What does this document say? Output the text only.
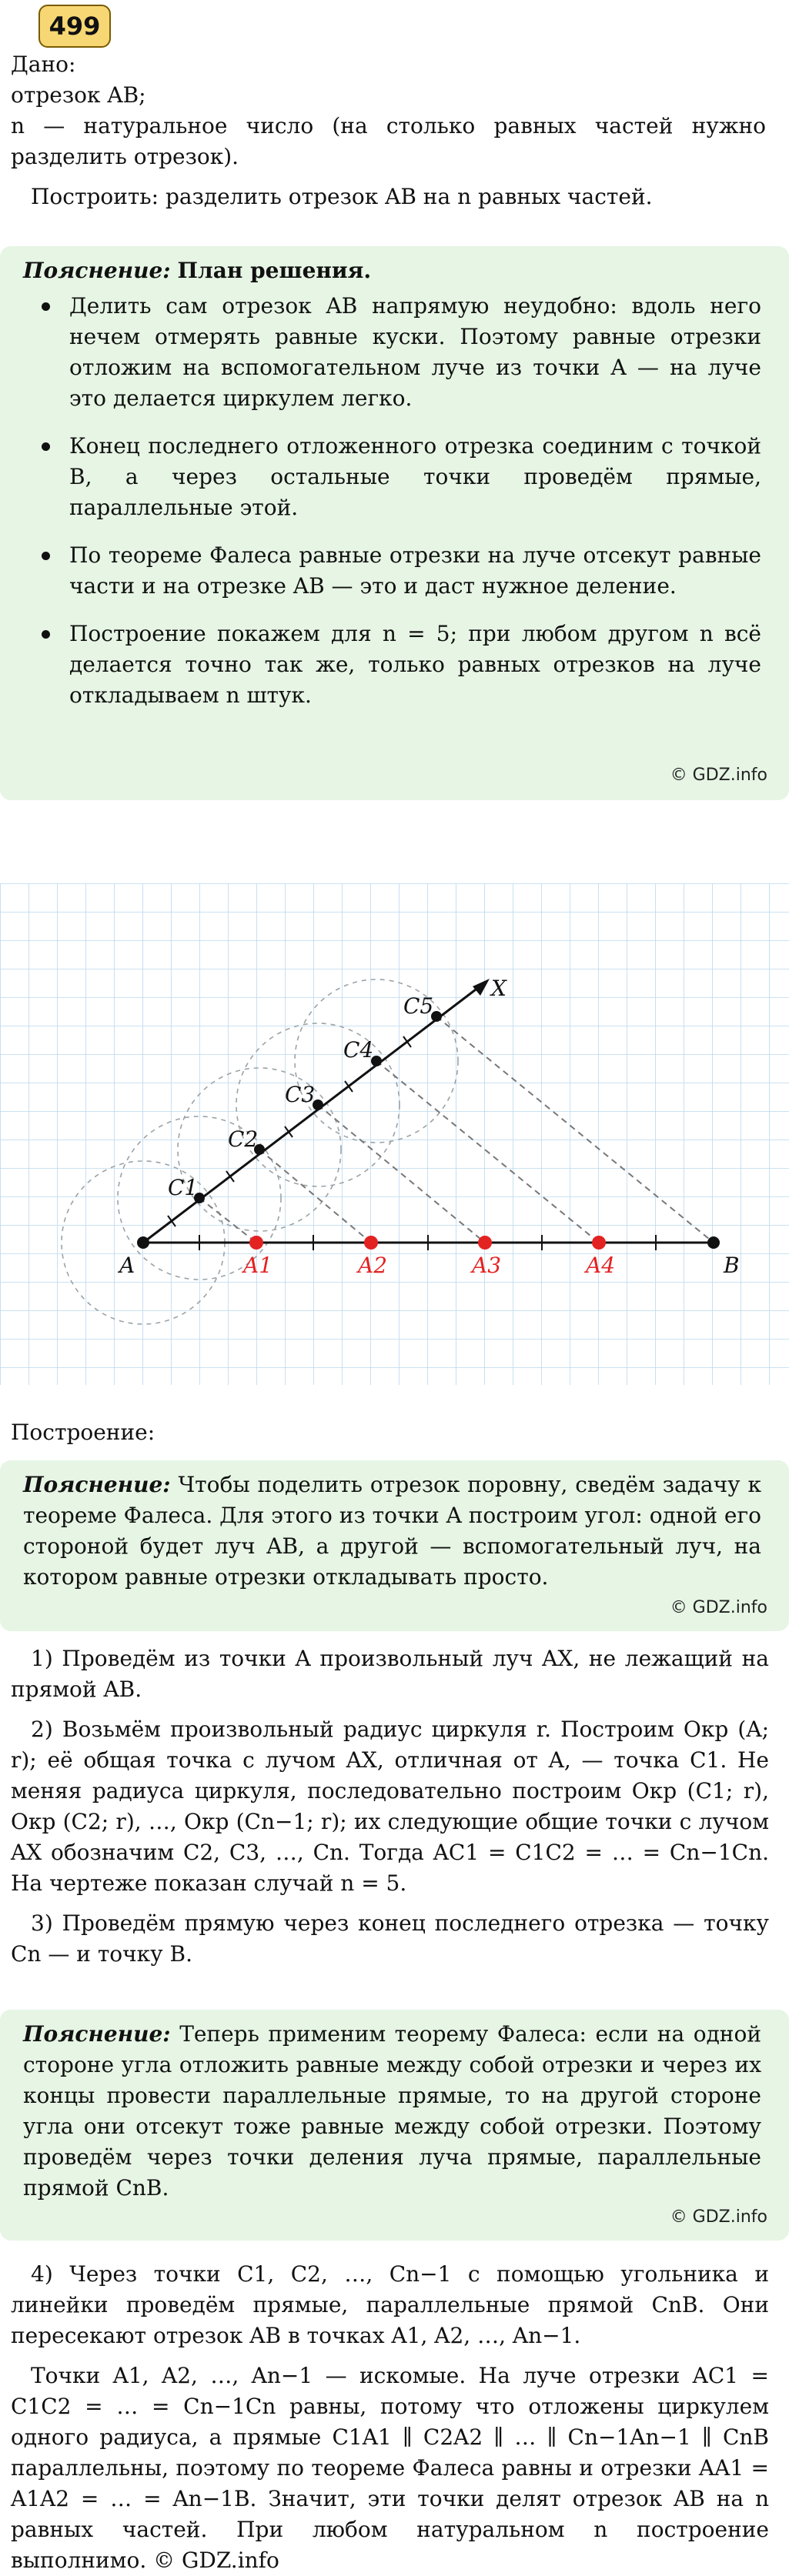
499
Дано:
отрезок AB;
n — натуральное число (на столько равных частей нужно разделить отрезок).
Построить: разделить отрезок AB на n равных частей.
Пояснение: План решения.
Делить сам отрезок AB напрямую неудобно: вдоль него нечем отмерять равные куски. Поэтому равные отрезки отложим на вспомогательном луче из точки A — на луче это делается циркулем легко.
Конец последнего отложенного отрезка соединим с точкой B, а через остальные точки проведём прямые, параллельные этой.
По теореме Фалеса равные отрезки на луче отсекут равные части и на отрезке AB — это и даст нужное деление.
Построение покажем для n = 5; при любом другом n всё делается точно так же, только равных отрезков на луче откладываем n штук.
© GDZ.info
A	B
X
C1
C2
C3
C4
C5
A1	A2	A3	A4
Построение:
Пояснение: Чтобы поделить отрезок поровну, сведём задачу к теореме Фалеса. Для этого из точки A построим угол: одной его стороной будет луч AB, а другой — вспомогательный луч, на котором равные отрезки откладывать просто.
© GDZ.info

1) Проведём из точки A произвольный луч AX, не лежащий на прямой AB.

2) Возьмём произвольный радиус циркуля r. Построим Окр (A; r); её общая точка с лучом AX, отличная от A, — точка C1. Не меняя радиуса циркуля, последовательно построим Окр (C1; r), Окр (C2; r), …, Окр (Cn−1; r); их следующие общие точки с лучом AX обозначим C2, C3, …, Cn. Тогда AC1 = C1C2 = … = Cn−1Cn. На чертеже показан случай n = 5.

3) Проведём прямую через конец последнего отрезка — точку Cn — и точку B.

Пояснение: Теперь применим теорему Фалеса: если на одной стороне угла отложить равные между собой отрезки и через их концы провести параллельные прямые, то на другой стороне угла они отсекут тоже равные между собой отрезки. Поэтому проведём через точки деления луча прямые, параллельные прямой CnB.
© GDZ.info

4) Через точки C1, C2, …, Cn−1 с помощью угольника и линейки проведём прямые, параллельные прямой CnB. Они пересекают отрезок AB в точках A1, A2, …, An−1.

Точки A1, A2, …, An−1 — искомые. На луче отрезки AC1 = C1C2 = … = Cn−1Cn равны, потому что отложены циркулем одного радиуса, а прямые C1A1 ∥ C2A2 ∥ … ∥ Cn−1An−1 ∥ CnB параллельны, поэтому по теореме Фалеса равны и отрезки AA1 = A1A2 = … = An−1B. Значит, эти точки делят отрезок AB на n равных частей. При любом натуральном n построение выполнимо. © GDZ.info
